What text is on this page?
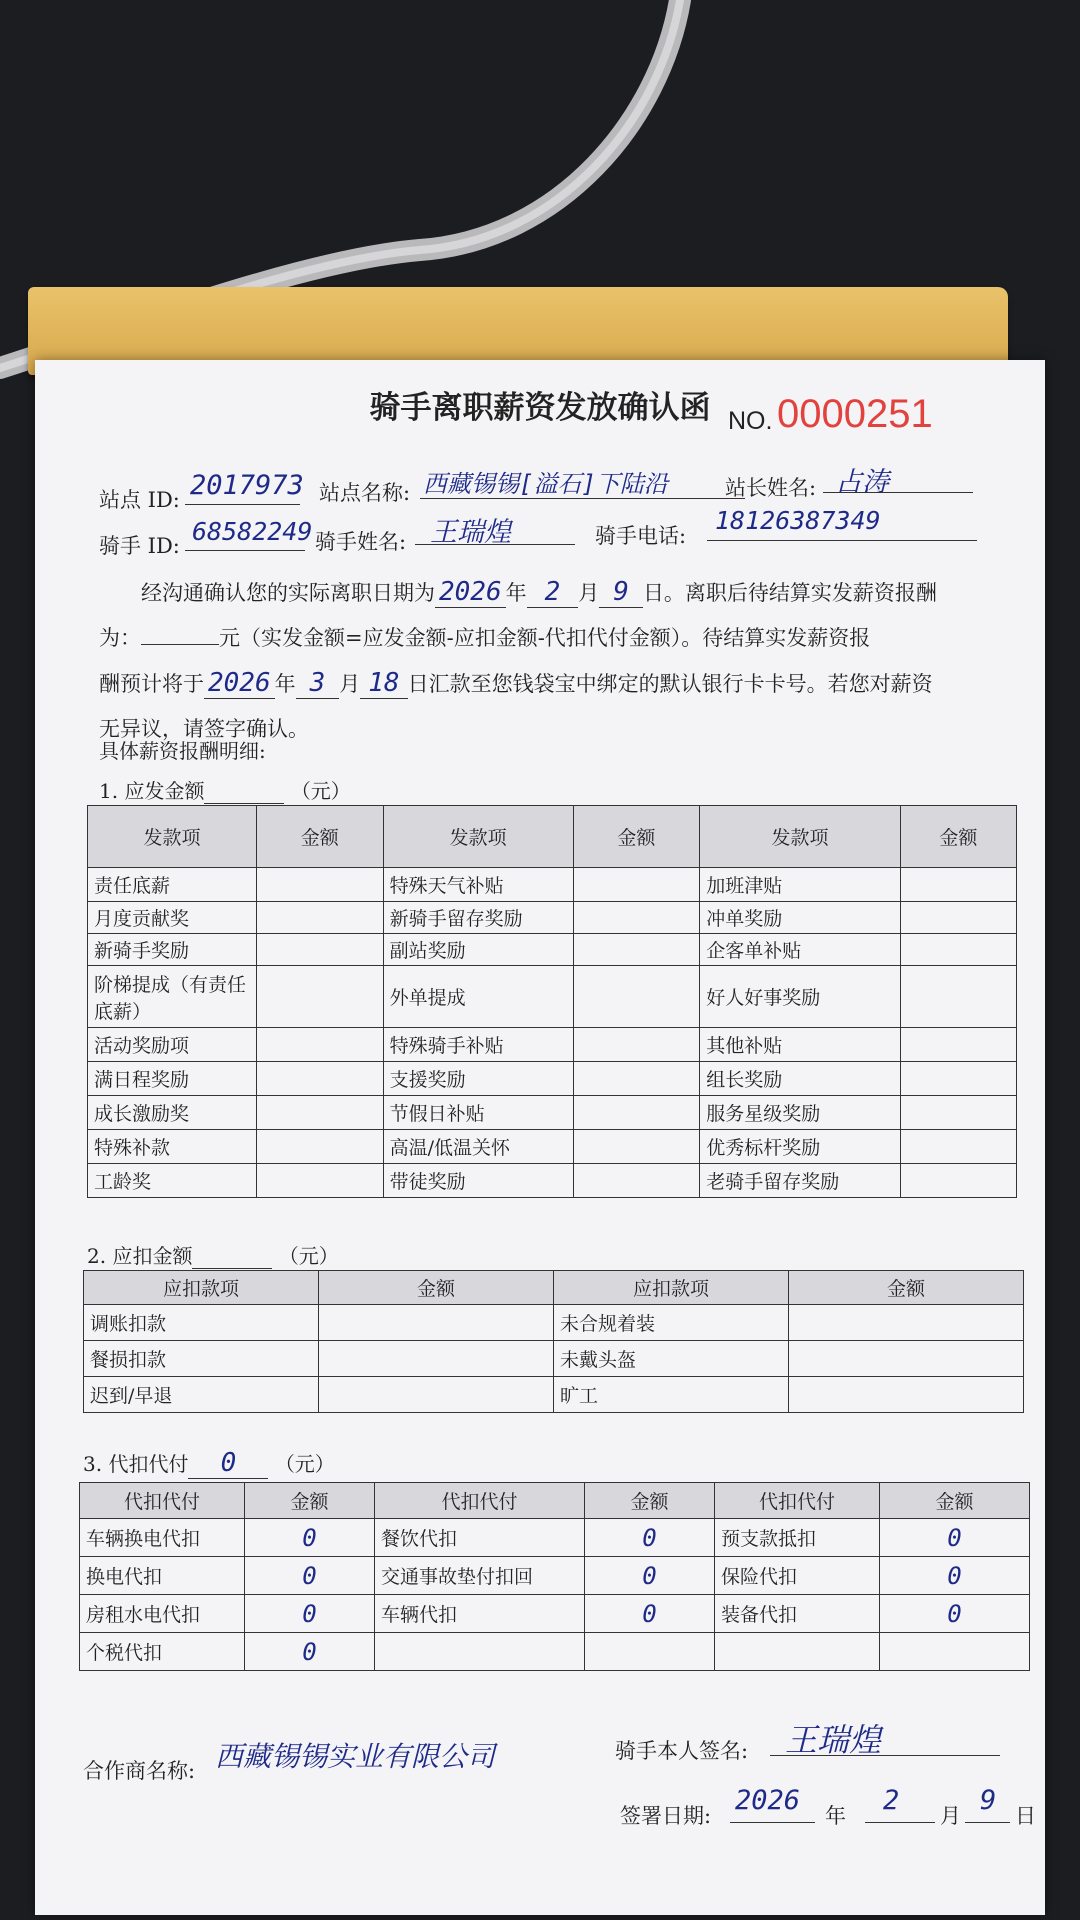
骑手离职薪资发放确认函 NO. 0000251
站点 ID: 2017973 站点名称: 西藏锡锡[溢石]下陆沿	站长姓名: 占涛
骑手 ID: 68582249 骑手姓名: 王瑞煌	骑手电话:
18126387349
经沟通确认您的实际离职日期为 2026 年 2 月 9 日。离职后待结算实发薪资报酬
为：	元（实发金额=应发金额-应扣金额-代扣代付金额）。待结算实发薪资报
酬预计将于 2026 年 3 月 18 日汇款至您钱袋宝中绑定的默认银行卡卡号。若您对薪资
无异议，请签字确认。
具体薪资报酬明细:
1. 应发金额	（元）
发款项	金额	发款项	金额	发款项	金额
责任底薪		特殊天气补贴		加班津贴	
月度贡献奖		新骑手留存奖励		冲单奖励	
新骑手奖励		副站奖励		企客单补贴	
阶梯提成（有责任底薪）		外单提成		好人好事奖励	
活动奖励项		特殊骑手补贴		其他补贴	
满日程奖励		支援奖励		组长奖励	
成长激励奖		节假日补贴		服务星级奖励	
特殊补款		高温/低温关怀		优秀标杆奖励	
工龄奖		带徒奖励		老骑手留存奖励	
2. 应扣金额	（元）
应扣款项	金额	应扣款项	金额
调账扣款		未合规着装	
餐损扣款		未戴头盔	
迟到/早退		旷工	
3. 代扣代付 0 （元）
代扣代付	金额	代扣代付	金额	代扣代付	金额
车辆换电代扣	0	餐饮代扣	0	预支款抵扣	0
换电代扣	0	交通事故垫付扣回	0	保险代扣	0
房租水电代扣	0	车辆代扣	0	装备代扣	0
个税代扣	0				
合作商名称: 西藏锡锡实业有限公司	骑手本人签名: 王瑞煌
签署日期: 2026 年 2 月 9 日
